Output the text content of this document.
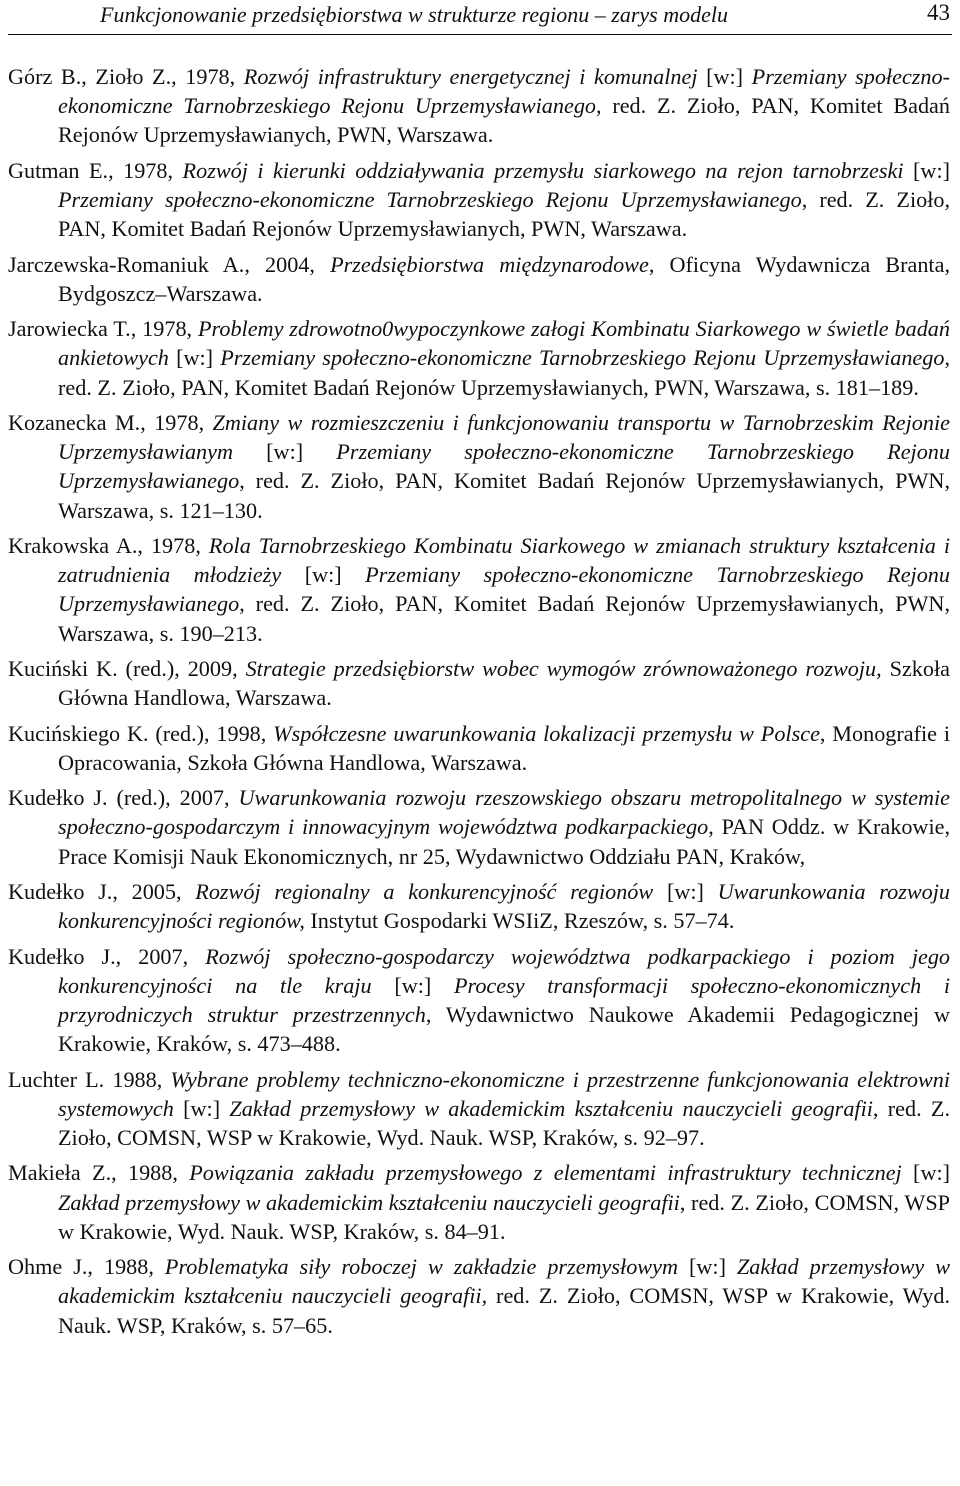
Funkcjonowanie przedsiębiorstwa w strukturze regionu – zarys modelu	43

Górz B., Zioło Z., 1978, Rozwój infrastruktury energetycznej i komunalnej [w:] Przemiany społeczno-ekonomiczne Tarnobrzeskiego Rejonu Uprzemysławianego, red. Z. Zioło, PAN, Komitet Badań Rejonów Uprzemysławianych, PWN, Warszawa.

Gutman E., 1978, Rozwój i kierunki oddziaływania przemysłu siarkowego na rejon tarnobrzeski [w:] Przemiany społeczno-ekonomiczne Tarnobrzeskiego Rejonu Uprzemysławianego, red. Z. Zioło, PAN, Komitet Badań Rejonów Uprzemysławianych, PWN, Warszawa.

Jarczewska-Romaniuk A., 2004, Przedsiębiorstwa międzynarodowe, Oficyna Wydawnicza Branta, Bydgoszcz–Warszawa.

Jarowiecka T., 1978, Problemy zdrowotno0wypoczynkowe załogi Kombinatu Siarkowego w świetle badań ankietowych [w:] Przemiany społeczno-ekonomiczne Tarnobrzeskiego Rejonu Uprzemysławianego, red. Z. Zioło, PAN, Komitet Badań Rejonów Uprzemysławianych, PWN, Warszawa, s. 181–189.

Kozanecka M., 1978, Zmiany w rozmieszczeniu i funkcjonowaniu transportu w Tarnobrzeskim Rejonie Uprzemysławianym [w:] Przemiany społeczno-ekonomiczne Tarnobrzeskiego Rejonu Uprzemysławianego, red. Z. Zioło, PAN, Komitet Badań Rejonów Uprzemysławianych, PWN, Warszawa, s. 121–130.

Krakowska A., 1978, Rola Tarnobrzeskiego Kombinatu Siarkowego w zmianach struktury kształcenia i zatrudnienia młodzieży [w:] Przemiany społeczno-ekonomiczne Tarnobrzeskiego Rejonu Uprzemysławianego, red. Z. Zioło, PAN, Komitet Badań Rejonów Uprzemysławianych, PWN, Warszawa, s. 190–213.

Kuciński K. (red.), 2009, Strategie przedsiębiorstw wobec wymogów zrównoważonego rozwoju, Szkoła Główna Handlowa, Warszawa.

Kucińskiego K. (red.), 1998, Współczesne uwarunkowania lokalizacji przemysłu w Polsce, Monografie i Opracowania, Szkoła Główna Handlowa, Warszawa.

Kudełko J. (red.), 2007, Uwarunkowania rozwoju rzeszowskiego obszaru metropolitalnego w systemie społeczno-gospodarczym i innowacyjnym województwa podkarpackiego, PAN Oddz. w Krakowie, Prace Komisji Nauk Ekonomicznych, nr 25, Wydawnictwo Oddziału PAN, Kraków,

Kudełko J., 2005, Rozwój regionalny a konkurencyjność regionów [w:] Uwarunkowania rozwoju konkurencyjności regionów, Instytut Gospodarki WSIiZ, Rzeszów, s. 57–74.

Kudełko J., 2007, Rozwój społeczno-gospodarczy województwa podkarpackiego i poziom jego konkurencyjności na tle kraju [w:] Procesy transformacji społeczno-ekonomicznych i przyrodniczych struktur przestrzennych, Wydawnictwo Naukowe Akademii Pedagogicznej w Krakowie, Kraków, s. 473–488.

Luchter L. 1988, Wybrane problemy techniczno-ekonomiczne i przestrzenne funkcjonowania elektrowni systemowych [w:] Zakład przemysłowy w akademickim kształceniu nauczycieli geografii, red. Z. Zioło, COMSN, WSP w Krakowie, Wyd. Nauk. WSP, Kraków, s. 92–97.

Makieła Z., 1988, Powiązania zakładu przemysłowego z elementami infrastruktury technicznej [w:] Zakład przemysłowy w akademickim kształceniu nauczycieli geografii, red. Z. Zioło, COMSN, WSP w Krakowie, Wyd. Nauk. WSP, Kraków, s. 84–91.

Ohme J., 1988, Problematyka siły roboczej w zakładzie przemysłowym [w:] Zakład przemysłowy w akademickim kształceniu nauczycieli geografii, red. Z. Zioło, COMSN, WSP w Krakowie, Wyd. Nauk. WSP, Kraków, s. 57–65.
